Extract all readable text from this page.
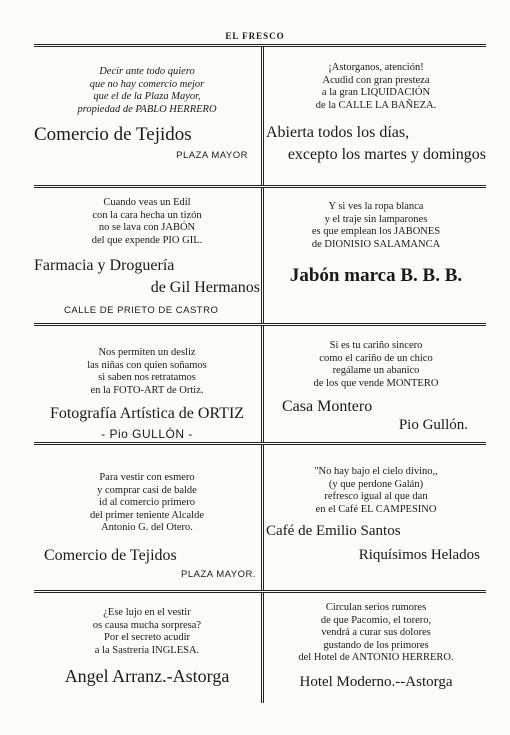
EL FRESCO

Decir ante todo quiero

que no hay comercio mejor

que el de la Plaza Mayor,

propiedad de PABLO HERRERO

Comercio de Tejidos
PLAZA MAYOR

¡Astorganos, atención!

Acudid con gran presteza

a la gran LIQUIDACIÓN

de la CALLE LA BAÑEZA.

Abierta todos los días,
excepto los martes y domingos

Cuando veas un Edil

con la cara hecha un tizón

no se lava con JABÓN

del que expende PIO GIL.

Farmacia y Droguería
de Gil Hermanos
CALLE DE PRIETO DE CASTRO

Y si ves la ropa blanca

y el traje sin lamparones

es que emplean los JABONES

de DIONISIO SALAMANCA

Jabón marca B. B. B.

Nos permiten un desliz

las niñas con quien soñamos

si saben nos retratamos

en la FOTO-ART de Ortiz.

Fotografía Artística de ORTIZ
- Pio GULLÓN -

Si es tu cariño sincero

como el cariño de un chico

regálame un abanico

de los que vende MONTERO

Casa Montero
Pio Gullón.

Para vestir con esmero

y comprar casi de balde

id al comercio primero

del primer teniente Alcalde

Antonio G. del Otero.

Comercio de Tejidos
PLAZA MAYOR.

"No hay bajo el cielo divino,,

(y que perdone Galán)

refresco igual al que dan

en el Café EL CAMPESINO

Café de Emilio Santos
Riquísimos Helados

¿Ese lujo en el vestir

os causa mucha sorpresa?

Por el secreto acudir

a la Sastrería INGLESA.

Angel Arranz.-Astorga

Circulan serios rumores

de que Pacomio, el torero,

vendrá a curar sus dolores

gustando de los primores

del Hotel de ANTONIO HERRERO.

Hotel Moderno.--Astorga
